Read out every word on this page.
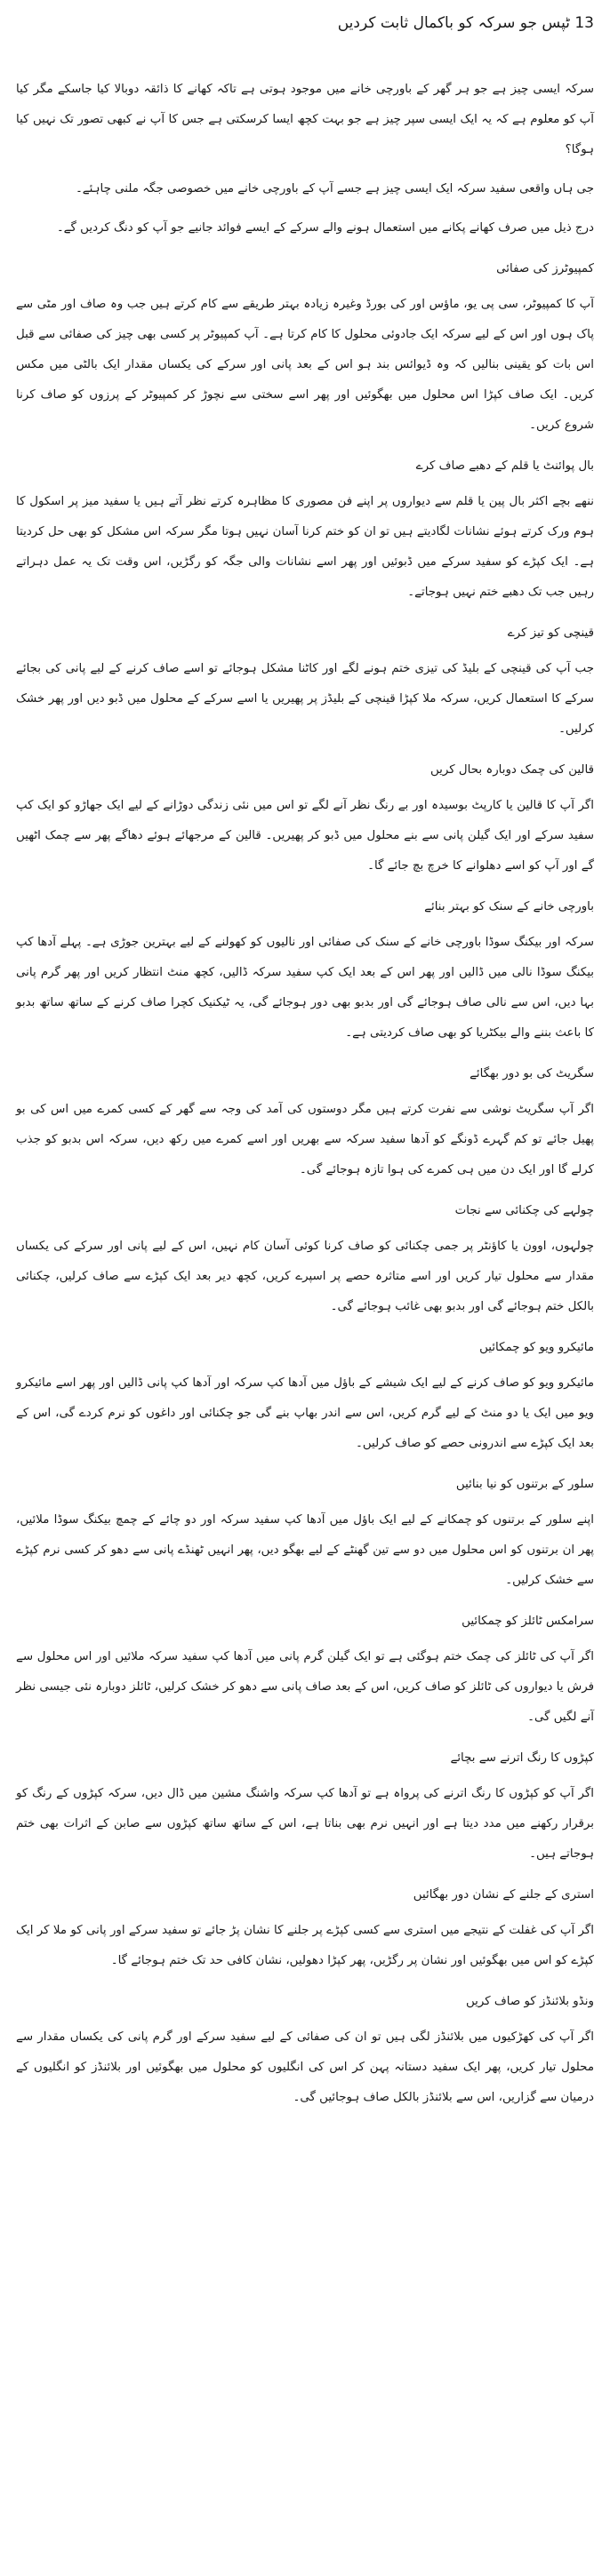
13 ٹپس جو سرکہ کو باکمال ثابت کردیں

سرکہ ایسی چیز ہے جو ہر گھر کے باورچی خانے میں موجود ہوتی ہے تاکہ کھانے کا ذائقہ دوبالا کیا جاسکے مگر کیا آپ کو معلوم ہے کہ یہ ایک ایسی سپر چیز ہے جو بہت کچھ ایسا کرسکتی ہے جس کا آپ نے کبھی تصور تک نہیں کیا ہوگا؟

جی ہاں واقعی سفید سرکہ ایک ایسی چیز ہے جسے آپ کے باورچی خانے میں خصوصی جگہ ملنی چاہئے۔

درج ذیل میں صرف کھانے پکانے میں استعمال ہونے والے سرکے کے ایسے فوائد جانیے جو آپ کو دنگ کردیں گے۔

کمپیوٹرز کی صفائی

آپ کا کمپیوٹر، سی پی یو، ماؤس اور کی بورڈ وغیرہ زیادہ بہتر طریقے سے کام کرتے ہیں جب وہ صاف اور مٹی سے پاک ہوں اور اس کے لیے سرکہ ایک جادوئی محلول کا کام کرتا ہے۔ آپ کمپیوٹر پر کسی بھی چیز کی صفائی سے قبل اس بات کو یقینی بنالیں کہ وہ ڈیوائس بند ہو اس کے بعد پانی اور سرکے کی یکساں مقدار ایک بالٹی میں مکس کریں۔ ایک صاف کپڑا اس محلول میں بھگوئیں اور پھر اسے سختی سے نچوڑ کر کمپیوٹر کے پرزوں کو صاف کرنا شروع کریں۔

بال پوائنٹ یا قلم کے دھبے صاف کرے

ننھے بچے اکثر بال پین یا قلم سے دیواروں پر اپنے فن مصوری کا مظاہرہ کرتے نظر آتے ہیں یا سفید میز پر اسکول کا ہوم ورک کرتے ہوئے نشانات لگادیتے ہیں تو ان کو ختم کرنا آسان نہیں ہوتا مگر سرکہ اس مشکل کو بھی حل کردیتا ہے۔ ایک کپڑے کو سفید سرکے میں ڈبوئیں اور پھر اسے نشانات والی جگہ کو رگڑیں، اس وقت تک یہ عمل دہراتے رہیں جب تک دھبے ختم نہیں ہوجاتے۔

قینچی کو تیز کرے

جب آپ کی قینچی کے بلیڈ کی تیزی ختم ہونے لگے اور کاٹنا مشکل ہوجائے تو اسے صاف کرنے کے لیے پانی کی بجائے سرکے کا استعمال کریں، سرکہ ملا کپڑا قینچی کے بلیڈز پر پھیریں یا اسے سرکے کے محلول میں ڈبو دیں اور پھر خشک کرلیں۔

قالین کی چمک دوبارہ بحال کریں

اگر آپ کا قالین یا کارپٹ بوسیدہ اور بے رنگ نظر آنے لگے تو اس میں نئی زندگی دوڑانے کے لیے ایک جھاڑو کو ایک کپ سفید سرکے اور ایک گیلن پانی سے بنے محلول میں ڈبو کر پھیریں۔ قالین کے مرجھائے ہوئے دھاگے پھر سے چمک اٹھیں گے اور آپ کو اسے دھلوانے کا خرچ بچ جائے گا۔

باورچی خانے کے سنک کو بہتر بنائے

سرکہ اور بیکنگ سوڈا باورچی خانے کے سنک کی صفائی اور نالیوں کو کھولنے کے لیے بہترین جوڑی ہے۔ پہلے آدھا کپ بیکنگ سوڈا نالی میں ڈالیں اور پھر اس کے بعد ایک کپ سفید سرکہ ڈالیں، کچھ منٹ انتظار کریں اور پھر گرم پانی بہا دیں، اس سے نالی صاف ہوجائے گی اور بدبو بھی دور ہوجائے گی، یہ ٹیکنیک کچرا صاف کرنے کے ساتھ ساتھ بدبو کا باعث بننے والے بیکٹریا کو بھی صاف کردیتی ہے۔

سگریٹ کی بو دور بھگائے

اگر آپ سگریٹ نوشی سے نفرت کرتے ہیں مگر دوستوں کی آمد کی وجہ سے گھر کے کسی کمرے میں اس کی بو پھیل جائے تو کم گہرے ڈونگے کو آدھا سفید سرکہ سے بھریں اور اسے کمرے میں رکھ دیں، سرکہ اس بدبو کو جذب کرلے گا اور ایک دن میں ہی کمرے کی ہوا تازہ ہوجائے گی۔

چولہے کی چکنائی سے نجات

چولہوں، اوون یا کاؤنٹر پر جمی چکنائی کو صاف کرنا کوئی آسان کام نہیں، اس کے لیے پانی اور سرکے کی یکساں مقدار سے محلول تیار کریں اور اسے متاثرہ حصے پر اسپرے کریں، کچھ دیر بعد ایک کپڑے سے صاف کرلیں، چکنائی بالکل ختم ہوجائے گی اور بدبو بھی غائب ہوجائے گی۔

مائیکرو ویو کو چمکائیں

مائیکرو ویو کو صاف کرنے کے لیے ایک شیشے کے باؤل میں آدھا کپ سرکہ اور آدھا کپ پانی ڈالیں اور پھر اسے مائیکرو ویو میں ایک یا دو منٹ کے لیے گرم کریں، اس سے اندر بھاپ بنے گی جو چکنائی اور داغوں کو نرم کردے گی، اس کے بعد ایک کپڑے سے اندرونی حصے کو صاف کرلیں۔

سلور کے برتنوں کو نیا بنائیں

اپنے سلور کے برتنوں کو چمکانے کے لیے ایک باؤل میں آدھا کپ سفید سرکہ اور دو چائے کے چمچ بیکنگ سوڈا ملائیں، پھر ان برتنوں کو اس محلول میں دو سے تین گھنٹے کے لیے بھگو دیں، پھر انہیں ٹھنڈے پانی سے دھو کر کسی نرم کپڑے سے خشک کرلیں۔

سرامکس ٹائلز کو چمکائیں

اگر آپ کی ٹائلز کی چمک ختم ہوگئی ہے تو ایک گیلن گرم پانی میں آدھا کپ سفید سرکہ ملائیں اور اس محلول سے فرش یا دیواروں کی ٹائلز کو صاف کریں، اس کے بعد صاف پانی سے دھو کر خشک کرلیں، ٹائلز دوبارہ نئی جیسی نظر آنے لگیں گی۔

کپڑوں کا رنگ اترنے سے بچائے

اگر آپ کو کپڑوں کا رنگ اترنے کی پرواہ ہے تو آدھا کپ سرکہ واشنگ مشین میں ڈال دیں، سرکہ کپڑوں کے رنگ کو برقرار رکھنے میں مدد دیتا ہے اور انہیں نرم بھی بناتا ہے، اس کے ساتھ ساتھ کپڑوں سے صابن کے اثرات بھی ختم ہوجاتے ہیں۔

استری کے جلنے کے نشان دور بھگائیں

اگر آپ کی غفلت کے نتیجے میں استری سے کسی کپڑے پر جلنے کا نشان پڑ جائے تو سفید سرکے اور پانی کو ملا کر ایک کپڑے کو اس میں بھگوئیں اور نشان پر رگڑیں، پھر کپڑا دھولیں، نشان کافی حد تک ختم ہوجائے گا۔

ونڈو بلائنڈز کو صاف کریں

اگر آپ کی کھڑکیوں میں بلائنڈز لگی ہیں تو ان کی صفائی کے لیے سفید سرکے اور گرم پانی کی یکساں مقدار سے محلول تیار کریں، پھر ایک سفید دستانہ پہن کر اس کی انگلیوں کو محلول میں بھگوئیں اور بلائنڈز کو انگلیوں کے درمیان سے گزاریں، اس سے بلائنڈز بالکل صاف ہوجائیں گی۔
